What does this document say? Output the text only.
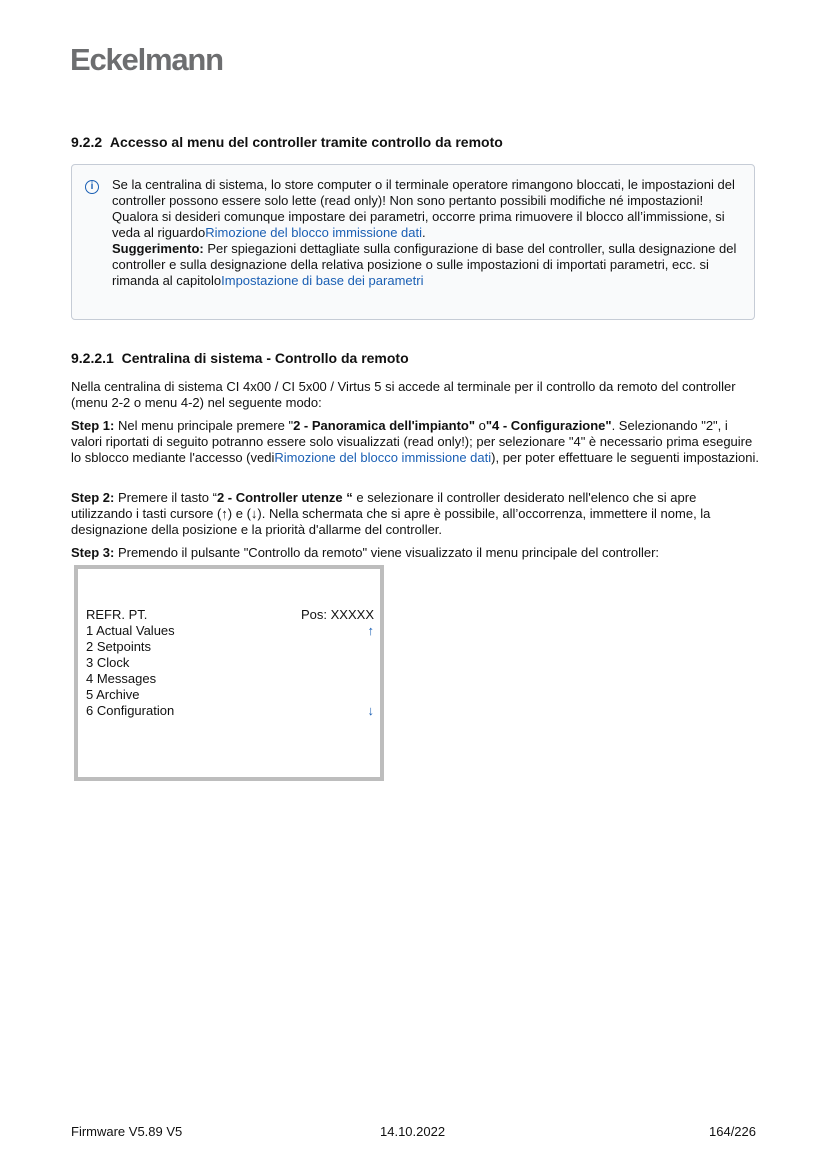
Eckelmann
9.2.2 Accesso al menu del controller tramite controllo da remoto
i	Se la centralina di sistema, lo store computer o il terminale operatore rimangono bloccati, le impostazioni del controller possono essere solo lette (read only)! Non sono pertanto possibili modifiche né impostazioni!
Qualora si desideri comunque impostare dei parametri, occorre prima rimuovere il blocco all’immissione, si veda al riguardoRimozione del blocco immissione dati.
Suggerimento: Per spiegazioni dettagliate sulla configurazione di base del controller, sulla designazione del controller e sulla designazione della relativa posizione o sulle impostazioni di importati parametri, ecc. si rimanda al capitoloImpostazione di base dei parametri
9.2.2.1 Centralina di sistema - Controllo da remoto
Nella centralina di sistema CI 4x00 / CI 5x00 / Virtus 5 si accede al terminale per il controllo da remoto del controller (menu 2-2 o menu 4-2) nel seguente modo:
Step 1: Nel menu principale premere "2 - Panoramica dell'impianto" o"4 - Configurazione". Selezionando "2", i valori riportati di seguito potranno essere solo visualizzati (read only!); per selezionare "4" è necessario prima eseguire lo sblocco mediante l'accesso (vediRimozione del blocco immissione dati), per poter effettuare le seguenti impostazioni.
Step 2: Premere il tasto “2 - Controller utenze “ e selezionare il controller desiderato nell'elenco che si apre utilizzando i tasti cursore (↑) e (↓). Nella schermata che si apre è possibile, all’occorrenza, immettere il nome, la designazione della posizione e la priorità d'allarme del controller.
Step 3: Premendo il pulsante "Controllo da remoto" viene visualizzato il menu principale del controller:
REFR. PT.	Pos: XXXXX
1 Actual Values	↑
2 Setpoints
3 Clock
4 Messages
5 Archive
6 Configuration	↓
Firmware V5.89 V5	14.10.2022	164/226
